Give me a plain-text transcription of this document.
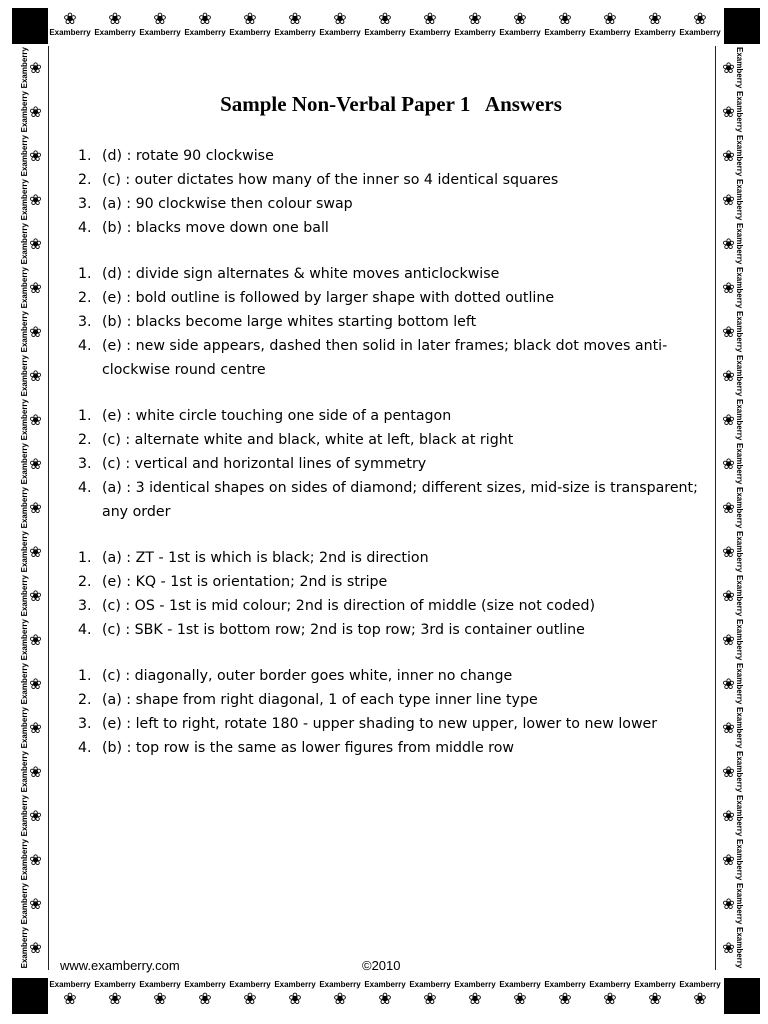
❀
Examberry
❀
Examberry
❀
Examberry
❀
Examberry
❀
Examberry
❀
Examberry
❀
Examberry
❀
Examberry
❀
Examberry
❀
Examberry
❀
Examberry
❀
Examberry
❀
Examberry
❀
Examberry
❀
Examberry
❀
Examberry
❀
Examberry
❀
Examberry
❀
Examberry
❀
Examberry
❀
Examberry
❀
Examberry
❀
Examberry
❀
Examberry
❀
Examberry
❀
Examberry
❀
Examberry
❀
Examberry
❀
Examberry
❀
Examberry
Examberry ❀
Examberry ❀
Examberry ❀
Examberry ❀
Examberry ❀
Examberry ❀
Examberry ❀
Examberry ❀
Examberry ❀
Examberry ❀
Examberry ❀
Examberry ❀
Examberry ❀
Examberry ❀
Examberry ❀
Examberry ❀
Examberry ❀
Examberry ❀
Examberry ❀
Examberry ❀
Examberry ❀
❀ Examberry
❀ Examberry
❀ Examberry
❀ Examberry
❀ Examberry
❀ Examberry
❀ Examberry
❀ Examberry
❀ Examberry
❀ Examberry
❀ Examberry
❀ Examberry
❀ Examberry
❀ Examberry
❀ Examberry
❀ Examberry
❀ Examberry
❀ Examberry
❀ Examberry
❀ Examberry
❀ Examberry
Sample Non-Verbal Paper 1   Answers
1. (d) : rotate 90 clockwise
2. (c) : outer dictates how many of the inner so 4 identical squares
3. (a) : 90 clockwise then colour swap
4. (b) : blacks move down one ball
1. (d) : divide sign alternates & white moves anticlockwise
2. (e) : bold outline is followed by larger shape with dotted outline
3. (b) : blacks become large whites starting bottom left
4. (e) : new side appears, dashed then solid in later frames; black dot moves anti-clockwise round centre
1. (e) : white circle touching one side of a pentagon
2. (c) : alternate white and black, white at left, black at right
3. (c) : vertical and horizontal lines of symmetry
4. (a) : 3 identical shapes on sides of diamond; different sizes, mid-size is transparent; any order
1. (a) : ZT - 1st is which is black; 2nd is direction
2. (e) : KQ - 1st is orientation; 2nd is stripe
3. (c) : OS - 1st is mid colour; 2nd is direction of middle (size not coded)
4. (c) : SBK - 1st is bottom row; 2nd is top row; 3rd is container outline
1. (c) : diagonally, outer border goes white, inner no change
2. (a) : shape from right diagonal, 1 of each type inner line type
3. (e) : left to right, rotate 180 - upper shading to new upper, lower to new lower
4. (b) : top row is the same as lower figures from middle row
www.examberry.com	©2010
